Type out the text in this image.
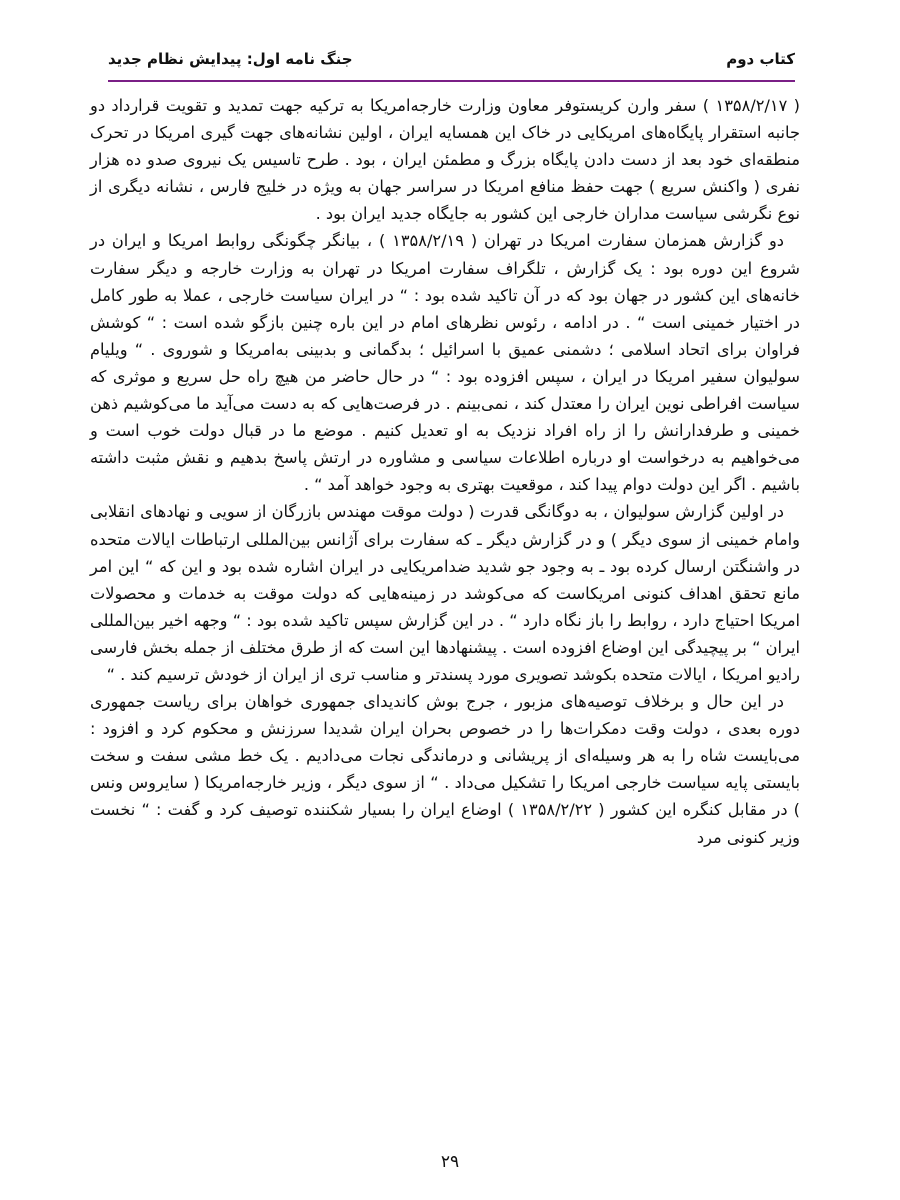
جنگ نامه اول: پیدایش نظام جدید	کتاب دوم

( ۱۳۵۸/۲/۱۷ ) سفر وارن کریستوفر معاون وزارت خارجه‌امریکا به ترکیه جهت تمدید و تقویت قرارداد دو جانبه استقرار پایگاه‌های امریکایی در خاک این همسایه ایران ، اولین نشانه‌های جهت گیری امریکا در تحرک منطقه‌ای خود بعد از دست دادن پایگاه بزرگ و مطمئن ایران ، بود . طرح تاسیس یک نیروی صدو ده هزار نفری ( واکنش سریع ) جهت حفظ منافع امریکا در سراسر جهان به ویژه در خلیج فارس ، نشانه دیگری از نوع نگرشی سیاست مداران خارجی این کشور به جایگاه جدید ایران بود .

دو گزارش همزمان سفارت امریکا در تهران ( ۱۳۵۸/۲/۱۹ ) ، بیانگر چگونگی روابط امریکا و ایران در شروع این دوره بود : یک گزارش ، تلگراف سفارت امریکا در تهران به وزارت خارجه و دیگر سفارت خانه‌های این کشور در جهان بود که در آن تاکید شده بود : “ در ایران سیاست خارجی ، عملا به طور کامل در اختیار خمینی است “ . در ادامه ، رئوس نظرهای امام در این باره چنین بازگو شده است : “ کوشش فراوان برای اتحاد اسلامی ؛ دشمنی عمیق با اسرائیل ؛ بدگمانی و بدبینی به‌امریکا و شوروی . “ ویلیام سولیوان سفیر امریکا در ایران ، سپس افزوده بود : “ در حال حاضر من هیچ راه حل سریع و موثری که سیاست افراطی نوین ایران را معتدل کند ، نمی‌بینم . در فرصت‌هایی که به دست می‌آید ما می‌کوشیم ذهن خمینی و طرفدارانش را از راه افراد نزدیک به او تعدیل کنیم . موضع ما در قبال دولت خوب است و می‌خواهیم به درخواست او درباره اطلاعات سیاسی و مشاوره در ارتش پاسخ بدهیم و نقش مثبت داشته باشیم . اگر این دولت دوام پیدا کند ، موقعیت بهتری به وجود خواهد آمد “ .

در اولین گزارش سولیوان ، به دوگانگی قدرت ( دولت موقت مهندس بازرگان از سویی و نهادهای انقلابی وامام خمینی از سوی دیگر ) و در گزارش دیگر ـ که سفارت برای آژانس بین‌المللی ارتباطات ایالات متحده در واشنگتن ارسال کرده بود ـ به وجود جو شدید ضدامریکایی در ایران اشاره شده بود و این که “ این امر مانع تحقق اهداف کنونی امریکاست که می‌کوشد در زمینه‌هایی که دولت موقت به خدمات و محصولات امریکا احتیاج دارد ، روابط را باز نگاه دارد “ . در این گزارش سپس تاکید شده بود : “ وجهه اخیر بین‌المللی ایران “ بر پیچیدگی این اوضاع افزوده است . پیشنهادها این است که از طرق مختلف از جمله بخش فارسی رادیو امریکا ، ایالات متحده بکوشد تصویری مورد پسندتر و مناسب تری از ایران از خودش ترسیم کند . “

در این حال و برخلاف توصیه‌های مزبور ، جرج بوش کاندیدای جمهوری خواهان برای ریاست جمهوری دوره بعدی ، دولت وقت دمکرات‌ها را در خصوص بحران ایران شدیدا سرزنش و محکوم کرد و افزود : می‌بایست شاه را به هر وسیله‌ای از پریشانی و درماندگی نجات می‌دادیم . یک خط مشی سفت و سخت بایستی پایه سیاست خارجی امریکا را تشکیل می‌داد . “ از سوی دیگر ، وزیر خارجه‌امریکا ( سایروس ونس ) در مقابل کنگره این کشور ( ۱۳۵۸/۲/۲۲ ) اوضاع ایران را بسیار شکننده توصیف کرد و گفت : “ نخست وزیر کنونی مرد

۲۹
